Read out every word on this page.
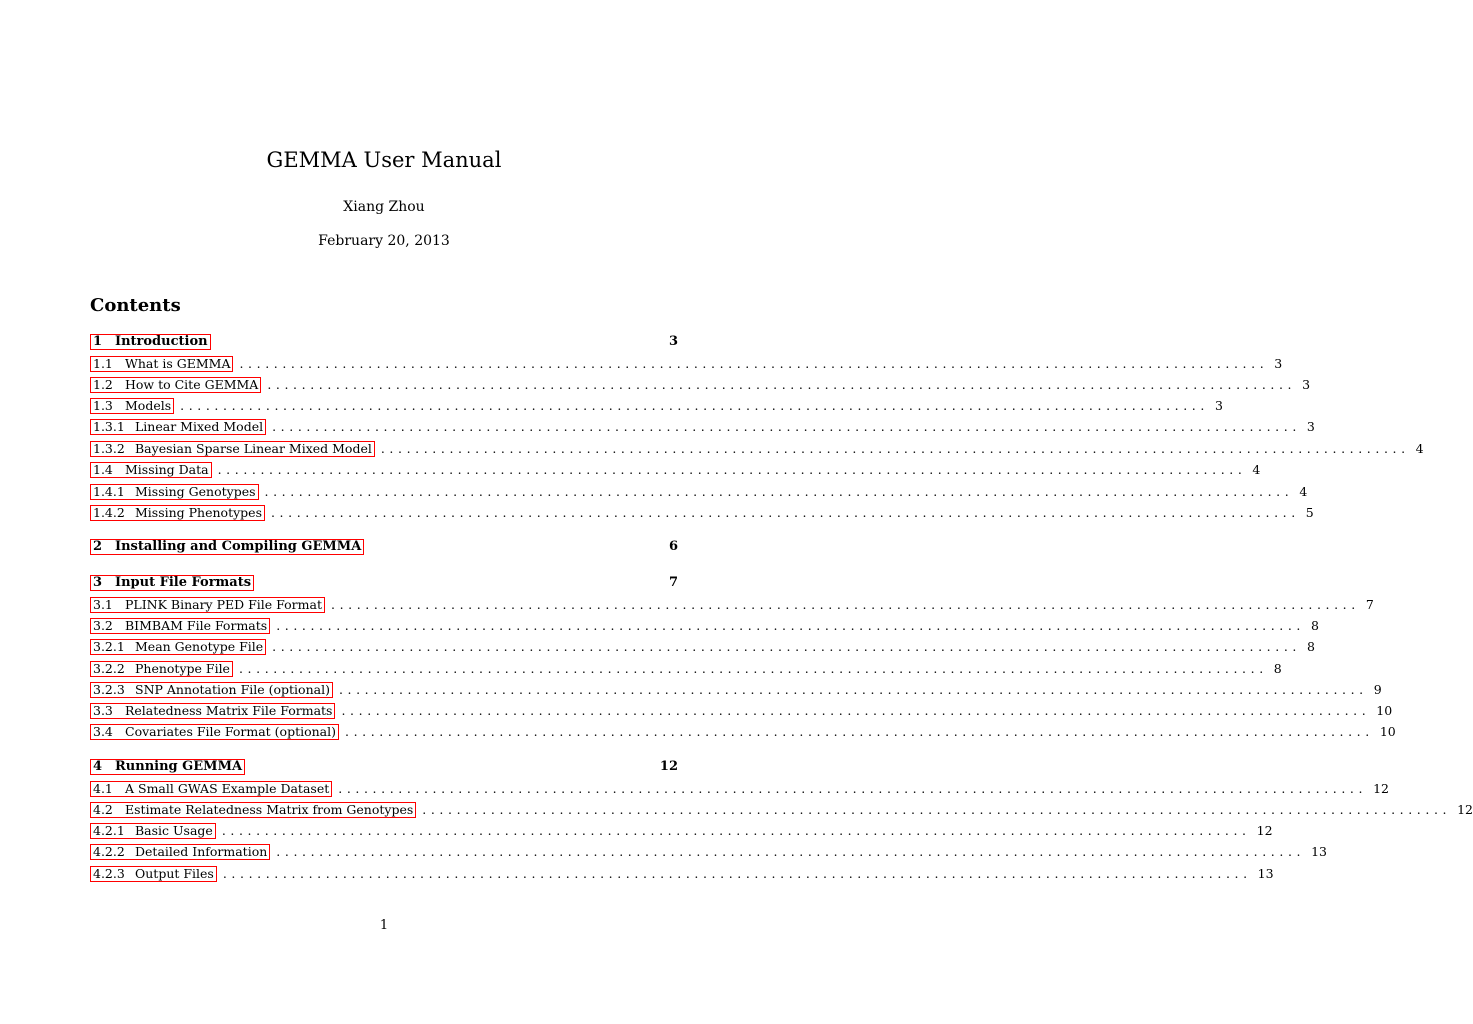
GEMMA User Manual
Xiang Zhou
February 20, 2013
Contents
1 Introduction	3
1.1 What is GEMMA ........................................................................................................................ 3
1.2 How to Cite GEMMA ........................................................................................................................ 3
1.3 Models ........................................................................................................................ 3
1.3.1 Linear Mixed Model ........................................................................................................................ 3
1.3.2 Bayesian Sparse Linear Mixed Model ........................................................................................................................ 4
1.4 Missing Data ........................................................................................................................ 4
1.4.1 Missing Genotypes ........................................................................................................................ 4
1.4.2 Missing Phenotypes ........................................................................................................................ 5
2 Installing and Compiling GEMMA	6
3 Input File Formats	7
3.1 PLINK Binary PED File Format ........................................................................................................................ 7
3.2 BIMBAM File Formats ........................................................................................................................ 8
3.2.1 Mean Genotype File ........................................................................................................................ 8
3.2.2 Phenotype File ........................................................................................................................ 8
3.2.3 SNP Annotation File (optional) ........................................................................................................................ 9
3.3 Relatedness Matrix File Formats ........................................................................................................................ 10
3.4 Covariates File Format (optional) ........................................................................................................................ 10
4 Running GEMMA	12
4.1 A Small GWAS Example Dataset ........................................................................................................................ 12
4.2 Estimate Relatedness Matrix from Genotypes ........................................................................................................................ 12
4.2.1 Basic Usage ........................................................................................................................ 12
4.2.2 Detailed Information ........................................................................................................................ 13
4.2.3 Output Files ........................................................................................................................ 13
1
